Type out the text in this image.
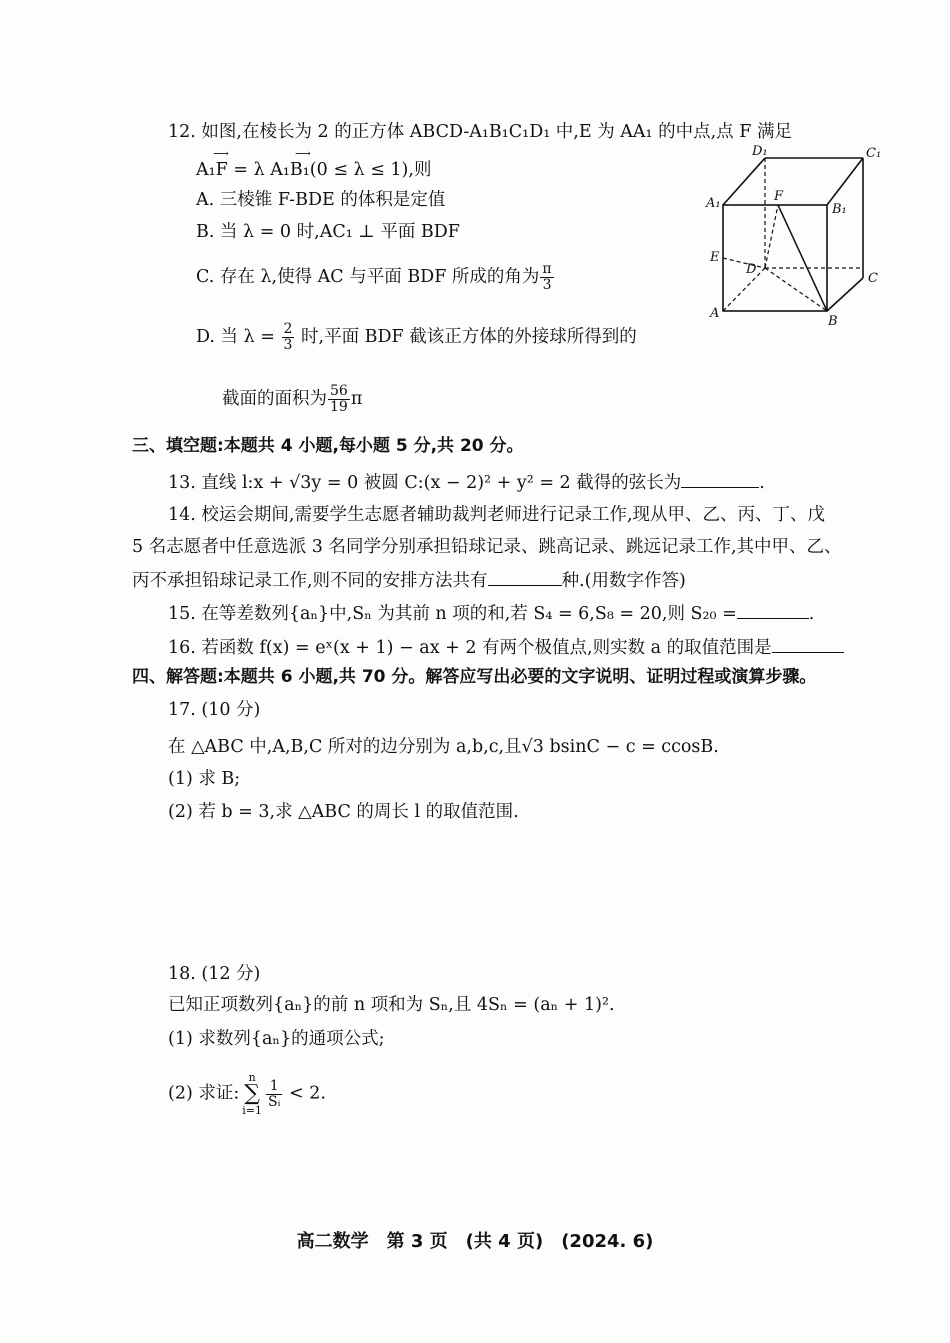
12. 如图,在棱长为 2 的正方体 ABCD-A₁B₁C₁D₁ 中,E 为 AA₁ 的中点,点 F 满足
⟶
A₁F = λ
⟶
A₁B₁(0 ≤ λ ≤ 1),则
A. 三棱锥 F-BDE 的体积是定值
B. 当 λ = 0 时,AC₁ ⊥ 平面 BDF
C. 存在 λ,使得 AC 与平面 BDF 所成的角为 $\frac{\pi}{3}$
D. 当 $\lambda = \frac{2}{3}$ 时,平面 BDF 截该正方体的外接球所得到的
截面的面积为 $\frac{56}{19}$ π
D₁	C₁
A₁	B₁
F
E
D
C
A
B
三、填空题:本题共 4 小题,每小题 5 分,共 20 分。
13. 直线 l:x + √3y = 0 被圆 C:(x − 2)² + y² = 2 截得的弦长为	.
14. 校运会期间,需要学生志愿者辅助裁判老师进行记录工作,现从甲、乙、丙、丁、戊
5 名志愿者中任意选派 3 名同学分别承担铅球记录、跳高记录、跳远记录工作,其中甲、乙、
丙不承担铅球记录工作,则不同的安排方法共有	种.(用数字作答)
15. 在等差数列{aₙ}中,Sₙ 为其前 n 项的和,若 S₄ = 6,S₈ = 20,则 S₂₀ =	.
16. 若函数 f(x) = eˣ(x + 1) − ax + 2 有两个极值点,则实数 a 的取值范围是
四、解答题:本题共 6 小题,共 70 分。解答应写出必要的文字说明、证明过程或演算步骤。
17. (10 分)
在 △ABC 中,A,B,C 所对的边分别为 a,b,c,且√3 bsinC − c = ccosB.
(1) 求 B;
(2) 若 b = 3,求 △ABC 的周长 l 的取值范围.
18. (12 分)
已知正项数列{aₙ}的前 n 项和为 Sₙ,且 4Sₙ = (aₙ + 1)².
(1) 求数列{aₙ}的通项公式;
(2) 求证:n
∑
i=1
$\frac{1}{\text{Sᵢ}} < 2$.
高二数学　第 3 页　(共 4 页)　(2024. 6)
